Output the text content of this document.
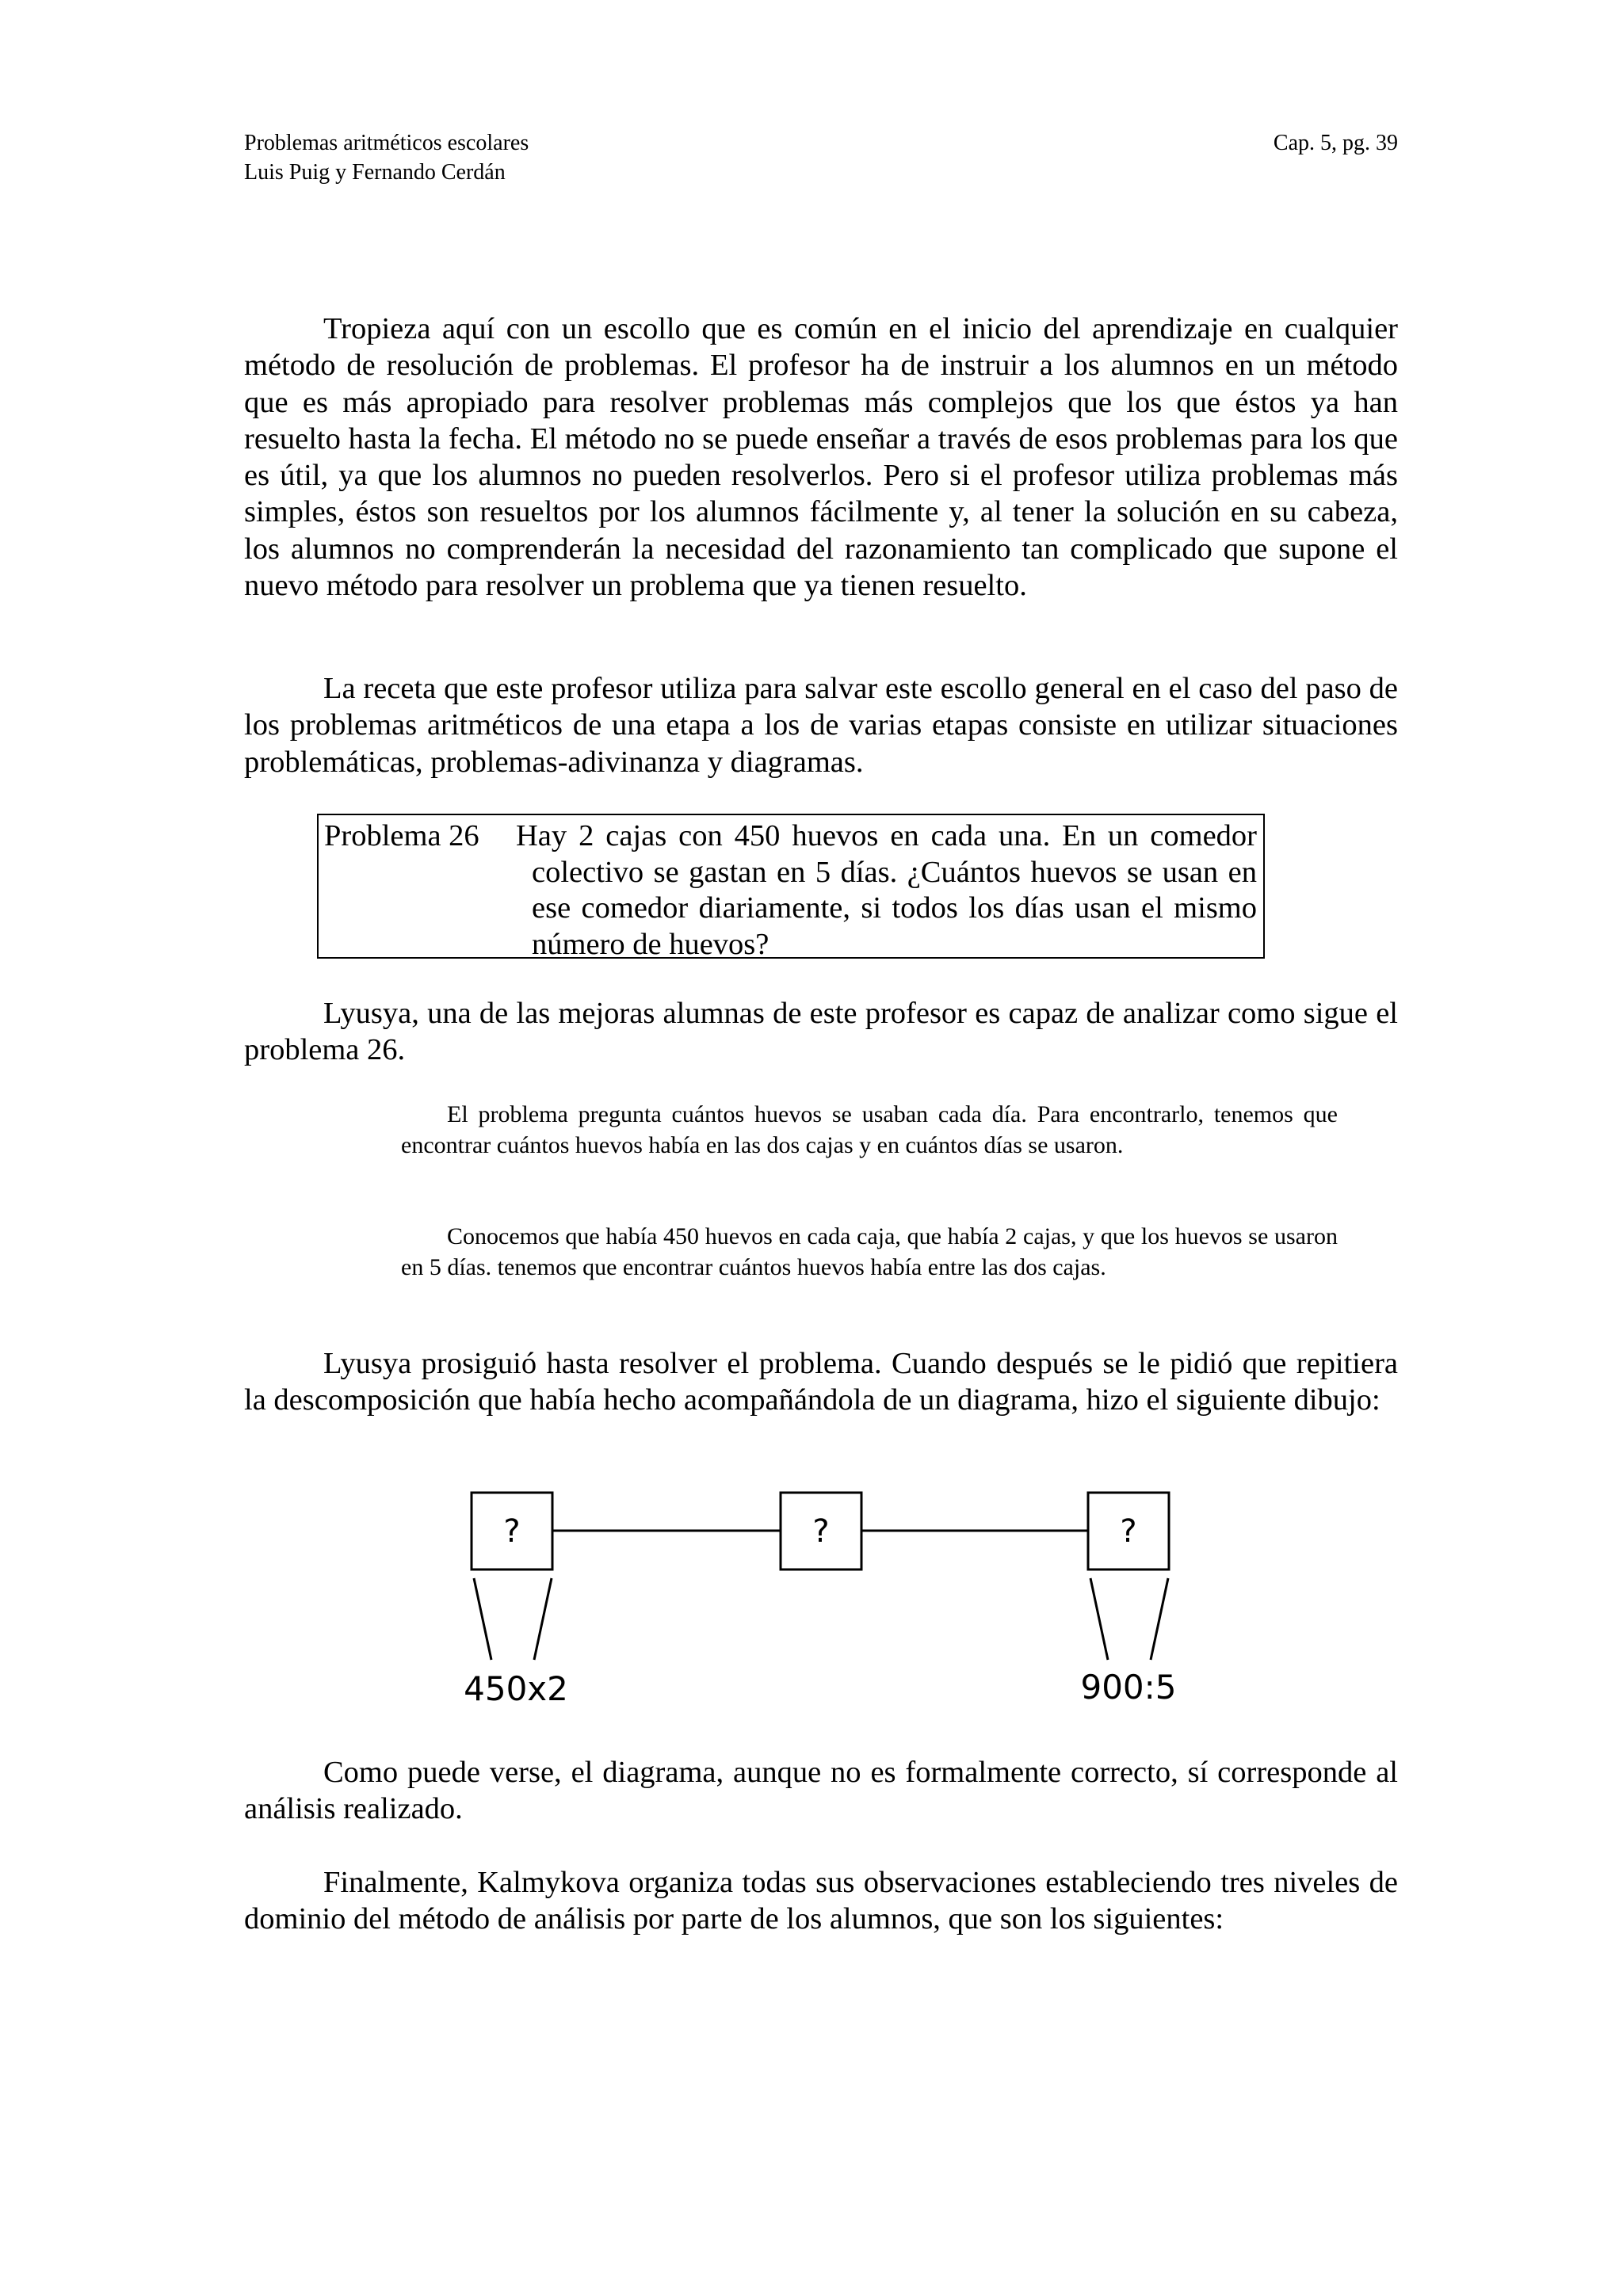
Problemas aritméticos escolares
Luis Puig y Fernando Cerdán
Cap. 5, pg. 39

Tropieza aquí con un escollo que es común en el inicio del aprendizaje en cualquier método de resolución de problemas. El profesor ha de instruir a los alumnos en un método que es más apropiado para resolver problemas más complejos que los que éstos ya han resuelto hasta la fecha. El método no se puede enseñar a través de esos problemas para los que es útil, ya que los alumnos no pueden resolverlos. Pero si el profesor utiliza problemas más simples, éstos son resueltos por los alumnos fácilmente y, al tener la solución en su cabeza, los alumnos no comprenderán la necesidad del razonamiento tan complicado que supone el nuevo método para resolver un problema que ya tienen resuelto.

La receta que este profesor utiliza para salvar este escollo general en el caso del paso de los problemas aritméticos de una etapa a los de varias etapas consiste en utilizar situaciones problemáticas, problemas-adivinanza y diagramas.

Problema 26 Hay 2 cajas con 450 huevos en cada una. En un comedor colectivo se gastan en 5 días. ¿Cuántos huevos se usan en ese comedor diariamente, si todos los días usan el mismo número de huevos?

Lyusya, una de las mejoras alumnas de este profesor es capaz de analizar como sigue el problema 26.

El problema pregunta cuántos huevos se usaban cada día. Para encontrarlo, tenemos que encontrar cuántos huevos había en las dos cajas y en cuántos días se usaron.

Conocemos que había 450 huevos en cada caja, que había 2 cajas, y que los huevos se usaron en 5 días. tenemos que encontrar cuántos huevos había entre las dos cajas.

Lyusya prosiguió hasta resolver el problema. Cuando después se le pidió que repitiera la descomposición que había hecho acompañándola de un diagrama, hizo el siguiente dibujo:

?	?	?
450x2	900:5

Como puede verse, el diagrama, aunque no es formalmente correcto, sí corresponde al análisis realizado.

Finalmente, Kalmykova organiza todas sus observaciones estableciendo tres niveles de dominio del método de análisis por parte de los alumnos, que son los siguientes:
